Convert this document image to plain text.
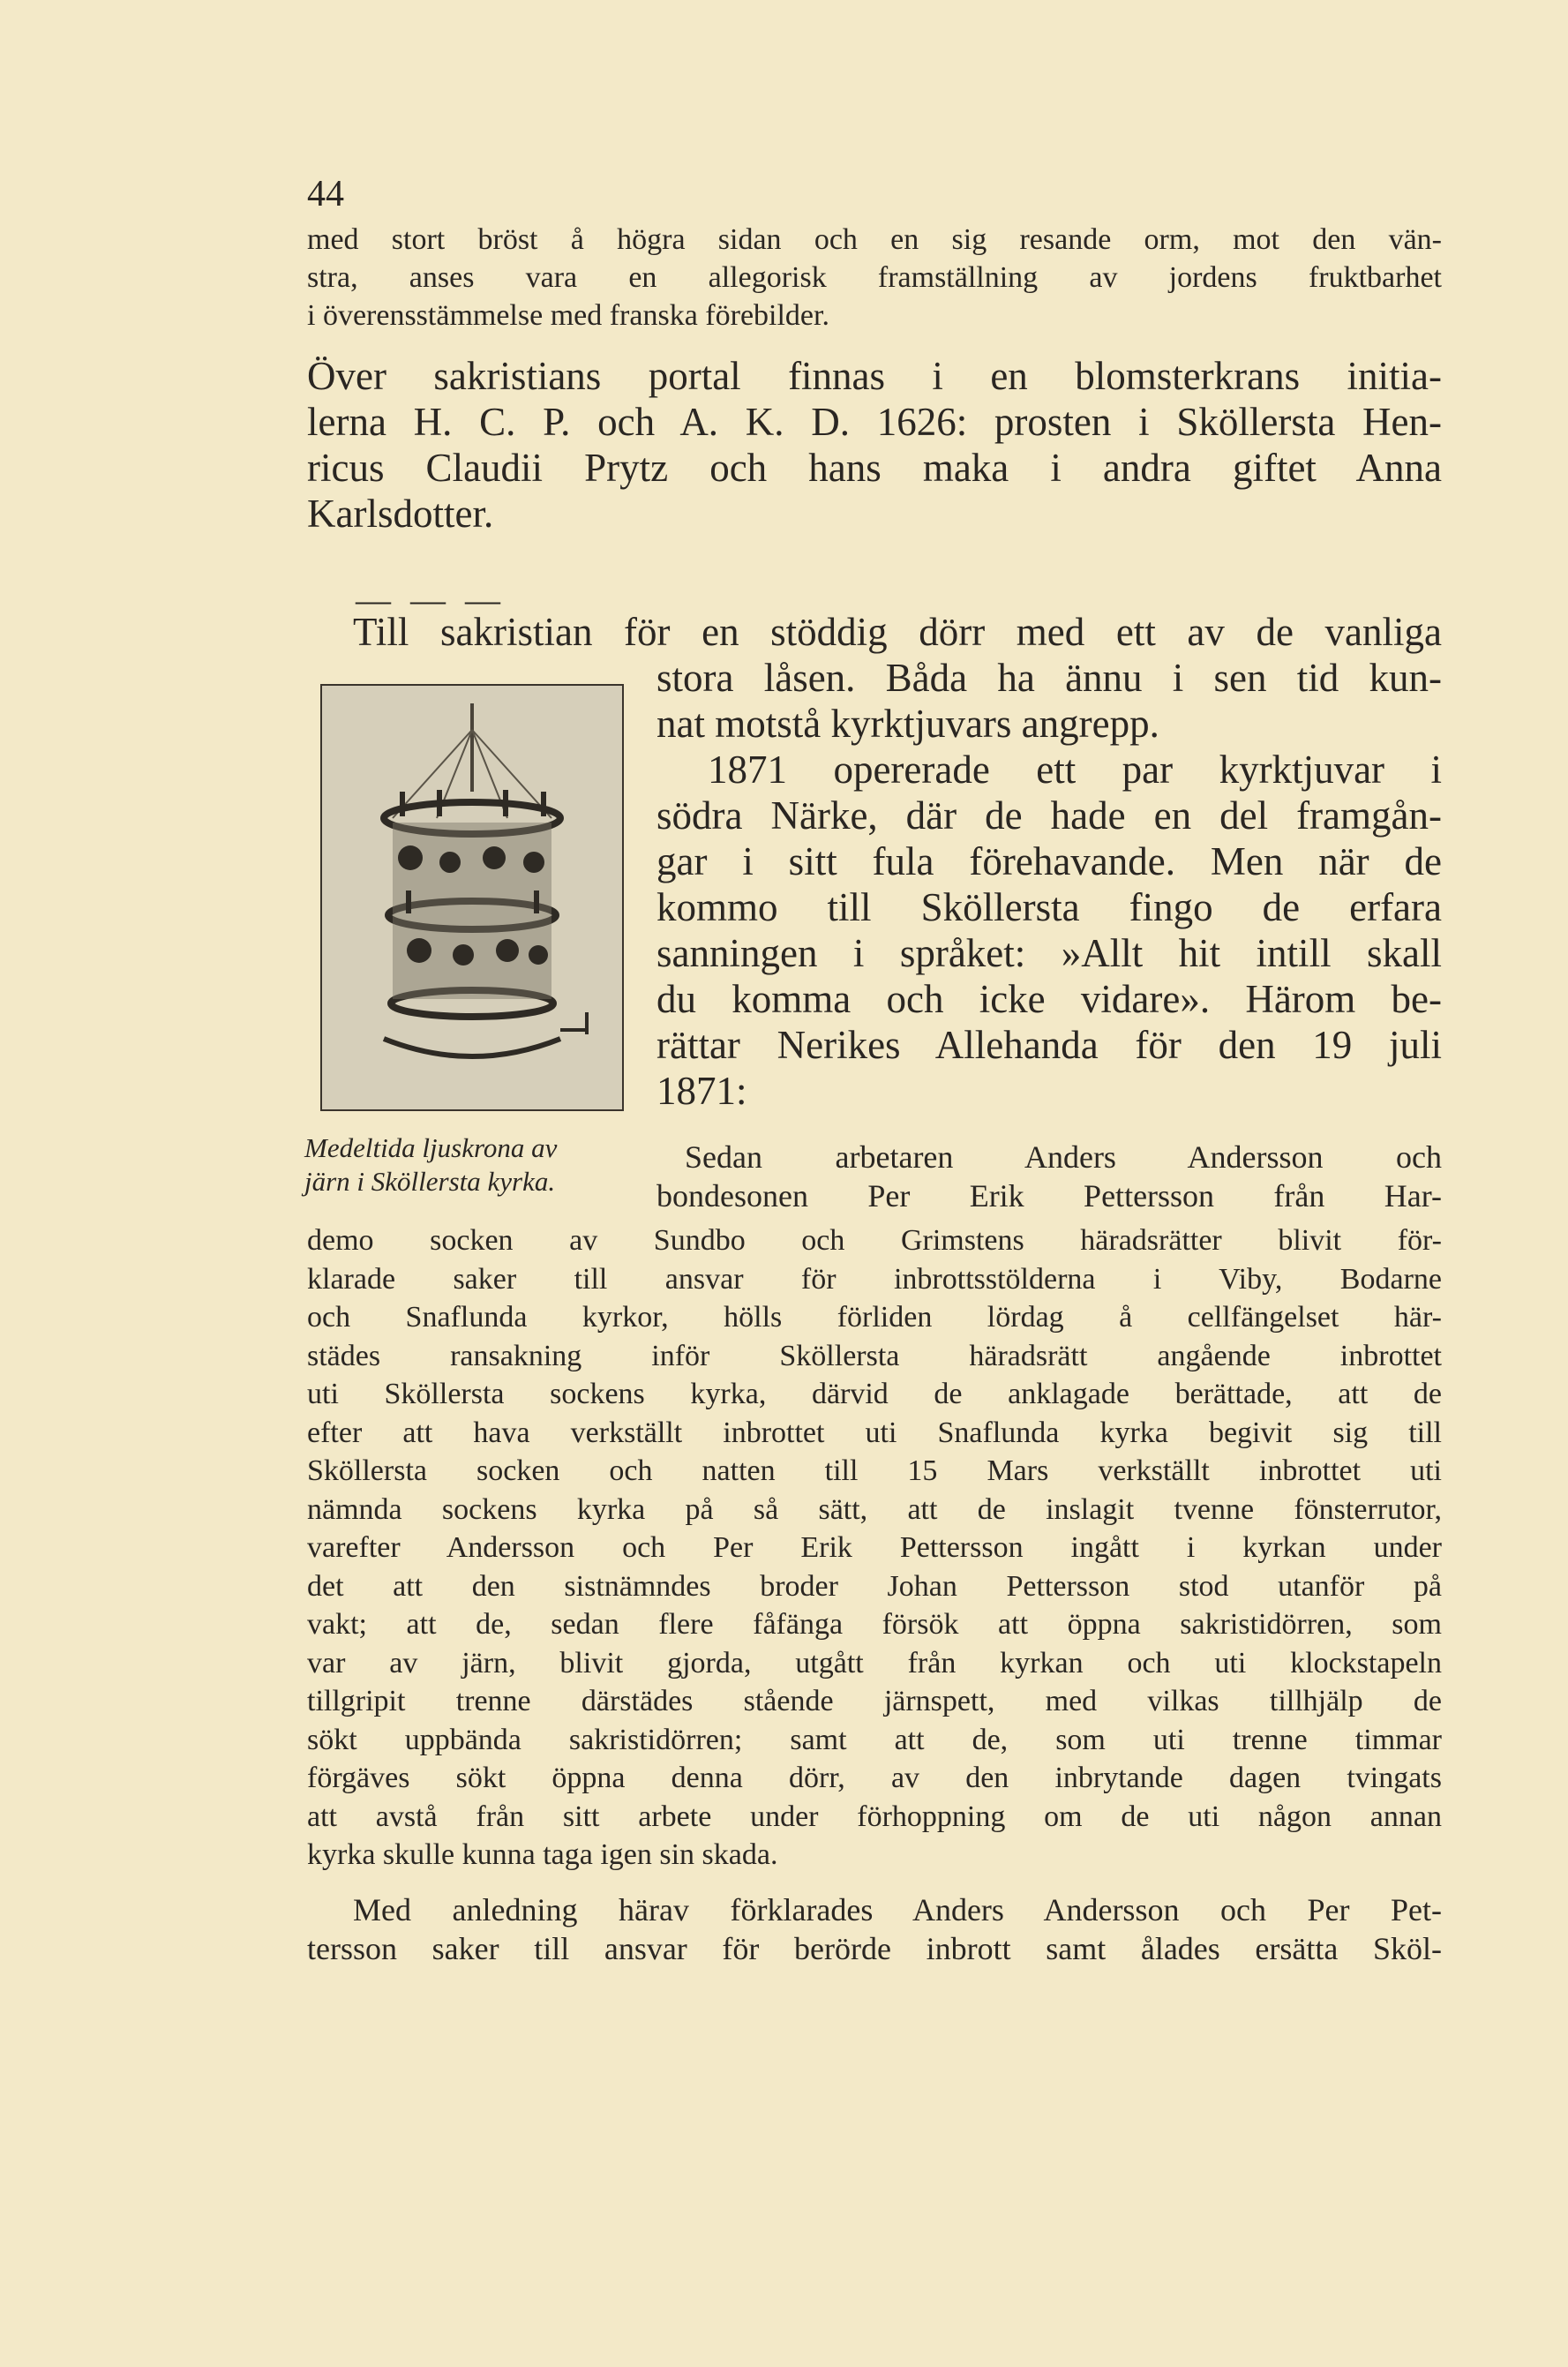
44

med stort bröst å högra sidan och en sig resande orm, mot den vän-
stra, anses vara en allegorisk framställning av jordens fruktbarhet
i överensstämmelse med franska förebilder.

Över sakristians portal finnas i en blomsterkrans initia-
lerna H. C. P. och A. K. D. 1626: prosten i Sköllersta Hen-
ricus Claudii Prytz och hans maka i andra giftet Anna
Karlsdotter.

— — —

Till sakristian för en stöddig dörr med ett av de vanliga

Medeltida ljuskrona av
järn i Sköllersta kyrka.

stora låsen. Båda ha ännu i sen tid kun-
nat motstå kyrktjuvars angrepp.
1871 opererade ett par kyrktjuvar i
södra Närke, där de hade en del framgån-
gar i sitt fula förehavande. Men när de
kommo till Sköllersta fingo de erfara
sanningen i språket: »Allt hit intill skall
du komma och icke vidare». Härom be-
rättar Nerikes Allehanda för den 19 juli
1871:

Sedan arbetaren Anders Andersson och
bondesonen Per Erik Pettersson från Har-

demo socken av Sundbo och Grimstens häradsrätter blivit för-
klarade saker till ansvar för inbrottsstölderna i Viby, Bodarne
och Snaflunda kyrkor, hölls förliden lördag å cellfängelset här-
städes ransakning inför Sköllersta häradsrätt angående inbrottet
uti Sköllersta sockens kyrka, därvid de anklagade berättade, att de
efter att hava verkställt inbrottet uti Snaflunda kyrka begivit sig till
Sköllersta socken och natten till 15 Mars verkställt inbrottet uti
nämnda sockens kyrka på så sätt, att de inslagit tvenne fönsterrutor,
varefter Andersson och Per Erik Pettersson ingått i kyrkan under
det att den sistnämndes broder Johan Pettersson stod utanför på
vakt; att de, sedan flere fåfänga försök att öppna sakristidörren, som
var av järn, blivit gjorda, utgått från kyrkan och uti klockstapeln
tillgripit trenne därstädes stående järnspett, med vilkas tillhjälp de
sökt uppbända sakristidörren; samt att de, som uti trenne timmar
förgäves sökt öppna denna dörr, av den inbrytande dagen tvingats
att avstå från sitt arbete under förhoppning om de uti någon annan
kyrka skulle kunna taga igen sin skada.

Med anledning härav förklarades Anders Andersson och Per Pet-
tersson saker till ansvar för berörde inbrott samt ålades ersätta Sköl-
